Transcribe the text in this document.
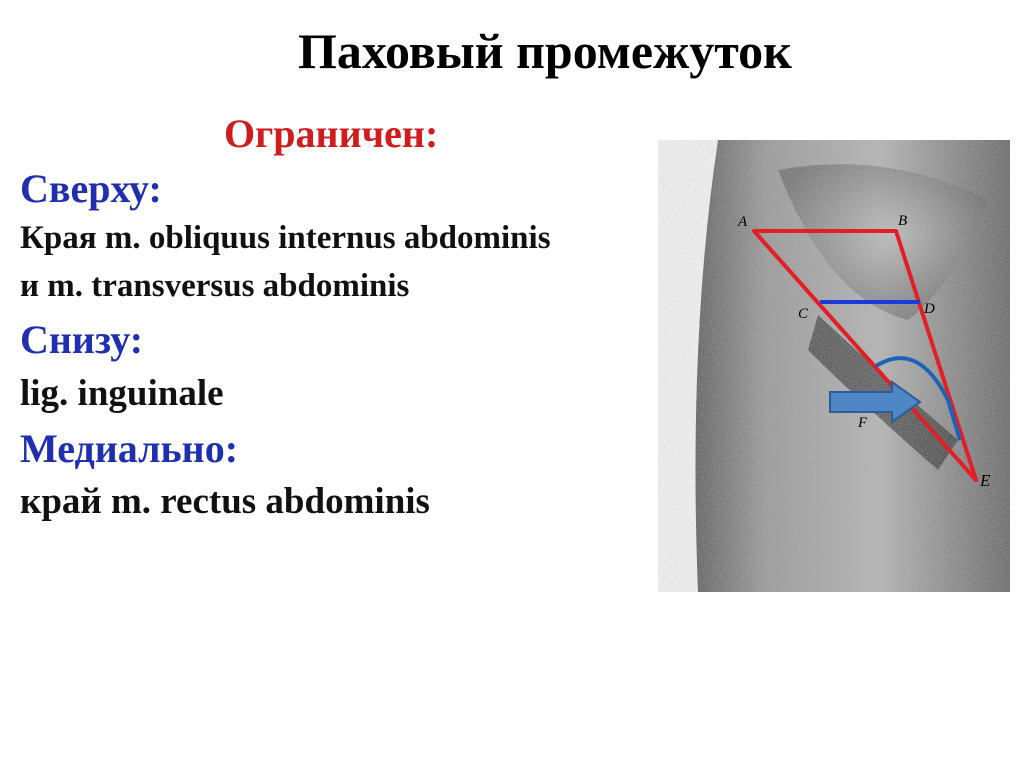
Паховый промежуток
Ограничен:
Сверху:
Края m. obliquus internus abdominis
и m. transversus abdominis
Снизу:
lig. inguinale
Медиально:
край m. rectus abdominis
A	B
C	D
F
E
